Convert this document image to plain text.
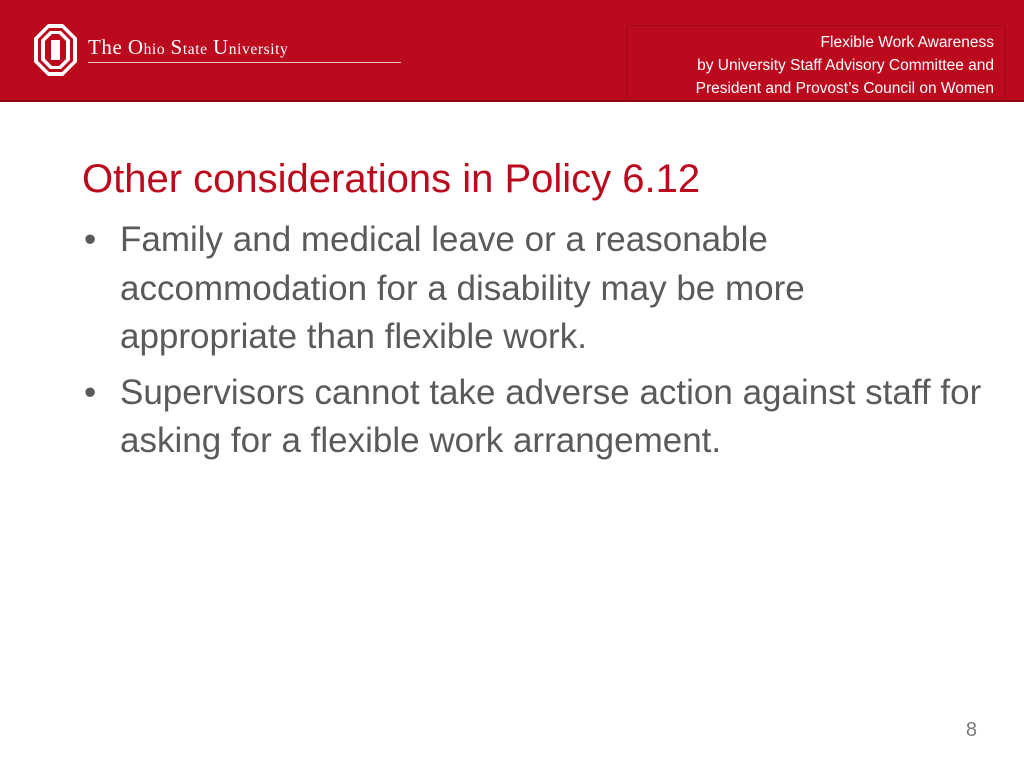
The Ohio State University	Flexible Work Awareness
by University Staff Advisory Committee and
President and Provost’s Council on Women
Other considerations in Policy 6.12
• Family and medical leave or a reasonable accommodation for a disability may be more appropriate than flexible work.
• Supervisors cannot take adverse action against staff for asking for a flexible work arrangement.
8
